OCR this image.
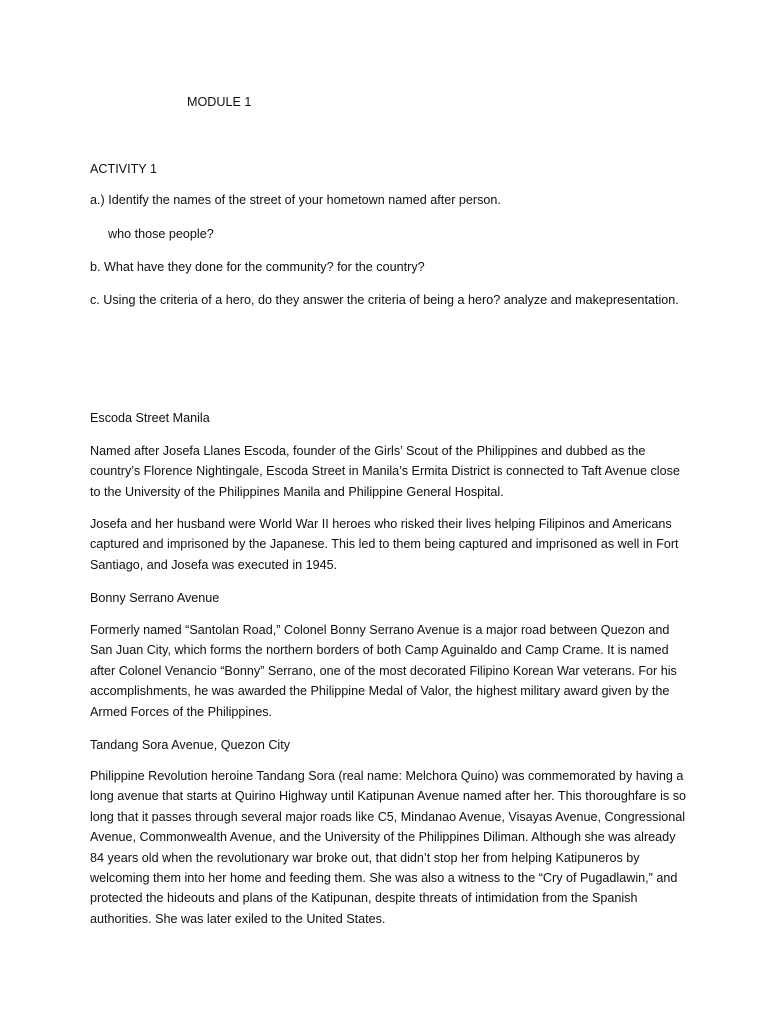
MODULE 1
ACTIVITY 1
a.) Identify the names of the street of your hometown named after person.
who those people?
b. What have they done for the community? for the country?
c. Using the criteria of a hero, do they answer the criteria of being a hero? analyze and makepresentation.
Escoda Street Manila
Named after Josefa Llanes Escoda, founder of the Girls’ Scout of the Philippines and dubbed as the country’s Florence Nightingale, Escoda Street in Manila’s Ermita District is connected to Taft Avenue close to the University of the Philippines Manila and Philippine General Hospital.
Josefa and her husband were World War II heroes who risked their lives helping Filipinos and Americans captured and imprisoned by the Japanese. This led to them being captured and imprisoned as well in Fort Santiago, and Josefa was executed in 1945.
Bonny Serrano Avenue
Formerly named “Santolan Road,” Colonel Bonny Serrano Avenue is a major road between Quezon and San Juan City, which forms the northern borders of both Camp Aguinaldo and Camp Crame. It is named after Colonel Venancio “Bonny” Serrano, one of the most decorated Filipino Korean War veterans. For his accomplishments, he was awarded the Philippine Medal of Valor, the highest military award given by the Armed Forces of the Philippines.
Tandang Sora Avenue, Quezon City
Philippine Revolution heroine Tandang Sora (real name: Melchora Quino) was commemorated by having a long avenue that starts at Quirino Highway until Katipunan Avenue named after her. This thoroughfare is so long that it passes through several major roads like C5, Mindanao Avenue, Visayas Avenue, Congressional Avenue, Commonwealth Avenue, and the University of the Philippines Diliman. Although she was already 84 years old when the revolutionary war broke out, that didn’t stop her from helping Katipuneros by welcoming them into her home and feeding them. She was also a witness to the “Cry of Pugadlawin,” and protected the hideouts and plans of the Katipunan, despite threats of intimidation from the Spanish authorities. She was later exiled to the United States.
